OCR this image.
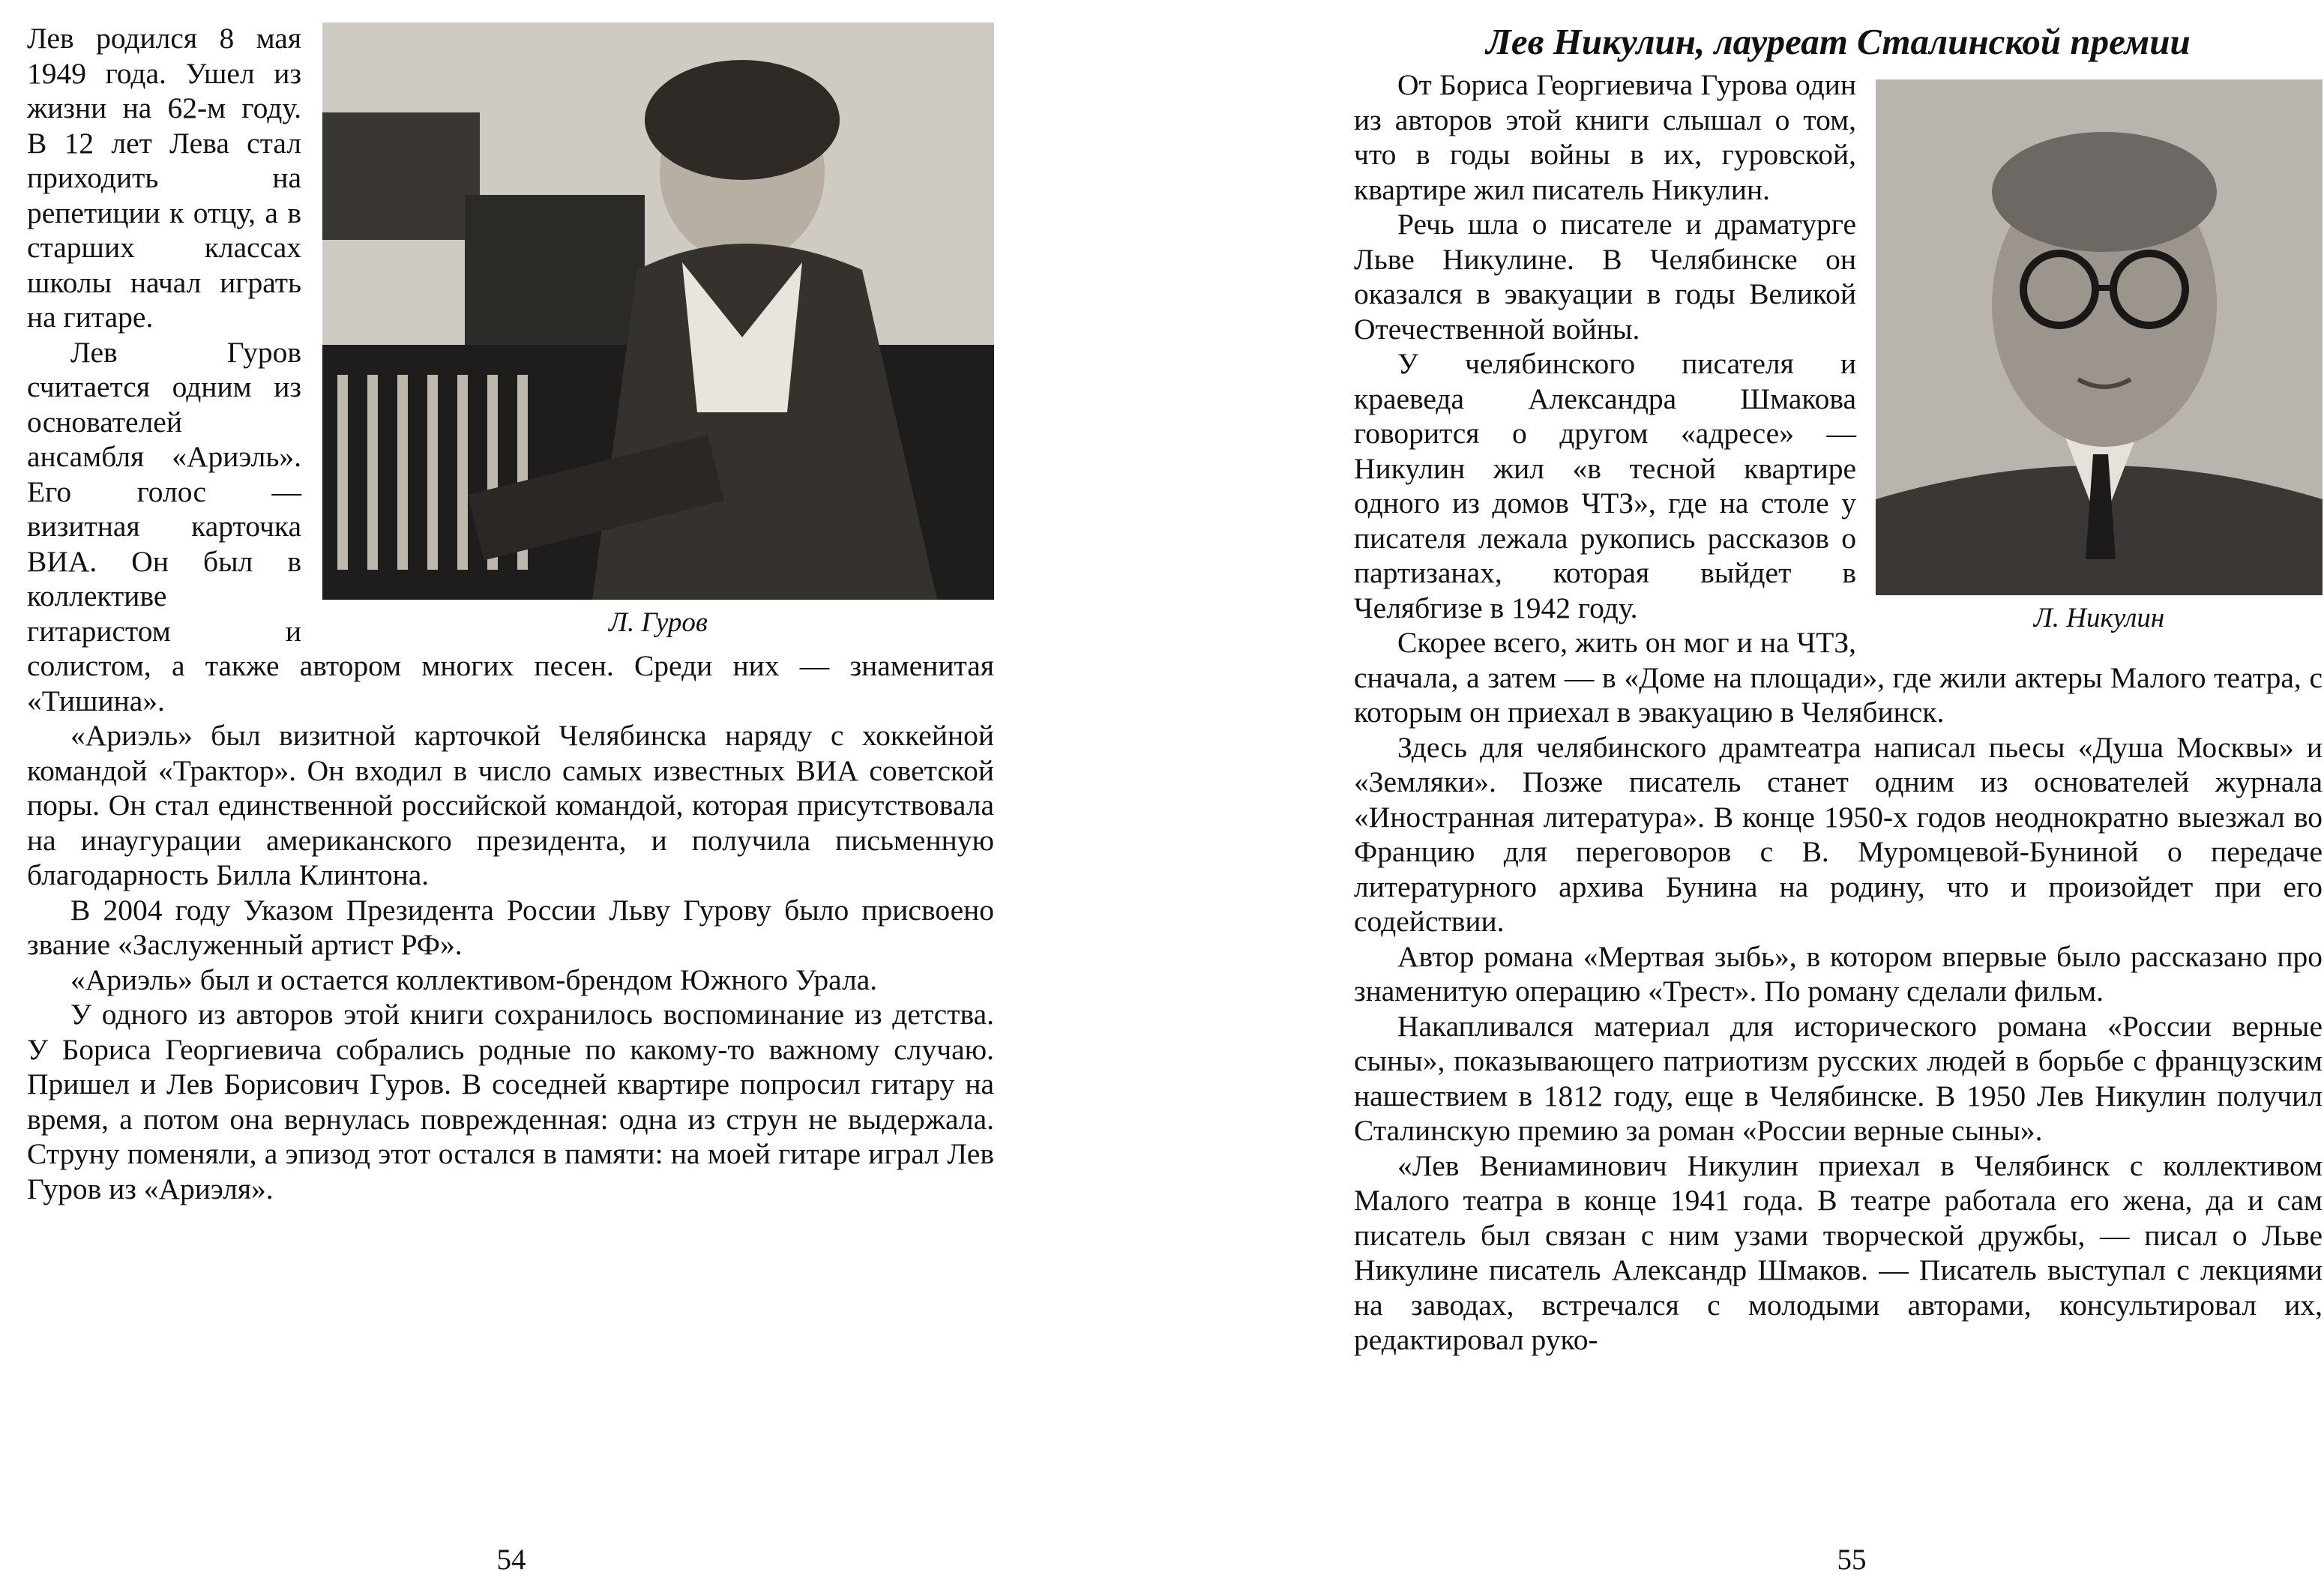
Л. Гуров

Лев родился 8 мая 1949 года. Ушел из жизни на 62-м году. В 12 лет Лева стал приходить на репетиции к отцу, а в старших классах школы начал играть на гитаре.

Лев Гуров считается одним из основателей ансамбля «Ариэль». Его голос — визитная карточка ВИА. Он был в коллективе гитаристом и солистом, а также автором многих песен. Среди них — знаменитая «Тишина».

«Ариэль» был визитной карточкой Челябинска наряду с хоккейной командой «Трактор». Он входил в число самых известных ВИА советской поры. Он стал единственной российской командой, которая присутствовала на инаугурации американского президента, и получила письменную благодарность Билла Клинтона.

В 2004 году Указом Президента России Льву Гурову было присвоено звание «Заслуженный артист РФ».

«Ариэль» был и остается коллективом-брендом Южного Урала.

У одного из авторов этой книги сохранилось воспоминание из детства. У Бориса Георгиевича собрались родные по какому-то важному случаю. Пришел и Лев Борисович Гуров. В соседней квартире попросил гитару на время, а потом она вернулась поврежденная: одна из струн не выдержала. Струну поменяли, а эпизод этот остался в памяти: на моей гитаре играл Лев Гуров из «Ариэля».

54
Лев Никулин, лауреат Сталинской премии
Л. Никулин

От Бориса Георгиевича Гурова один из авторов этой книги слышал о том, что в годы войны в их, гуровской, квартире жил писатель Никулин.

Речь шла о писателе и драматурге Льве Никулине. В Челябинске он оказался в эвакуации в годы Великой Отечественной войны.

У челябинского писателя и краеведа Александра Шмакова говорится о другом «адресе» — Никулин жил «в тесной квартире одного из домов ЧТЗ», где на столе у писателя лежала рукопись рассказов о партизанах, которая выйдет в Челябгизе в 1942 году.

Скорее всего, жить он мог и на ЧТЗ, сначала, а затем — в «Доме на площади», где жили актеры Малого театра, с которым он приехал в эвакуацию в Челябинск.

Здесь для челябинского драмтеатра написал пьесы «Душа Москвы» и «Земляки». Позже писатель станет одним из основателей журнала «Иностранная литература». В конце 1950-х годов неоднократно выезжал во Францию для переговоров с В. Муромцевой-Буниной о передаче литературного архива Бунина на родину, что и произойдет при его содействии.

Автор романа «Мертвая зыбь», в котором впервые было рассказано про знаменитую операцию «Трест». По роману сделали фильм.

Накапливался материал для исторического романа «России верные сыны», показывающего патриотизм русских людей в борьбе с французским нашествием в 1812 году, еще в Челябинске. В 1950 Лев Никулин получил Сталинскую премию за роман «России верные сыны».

«Лев Вениаминович Никулин приехал в Челябинск с коллективом Малого театра в конце 1941 года. В театре работала его жена, да и сам писатель был связан с ним узами творческой дружбы, — писал о Льве Никулине писатель Александр Шмаков. — Писатель выступал с лекциями на заводах, встречался с молодыми авторами, консультировал их, редактировал руко-

55
